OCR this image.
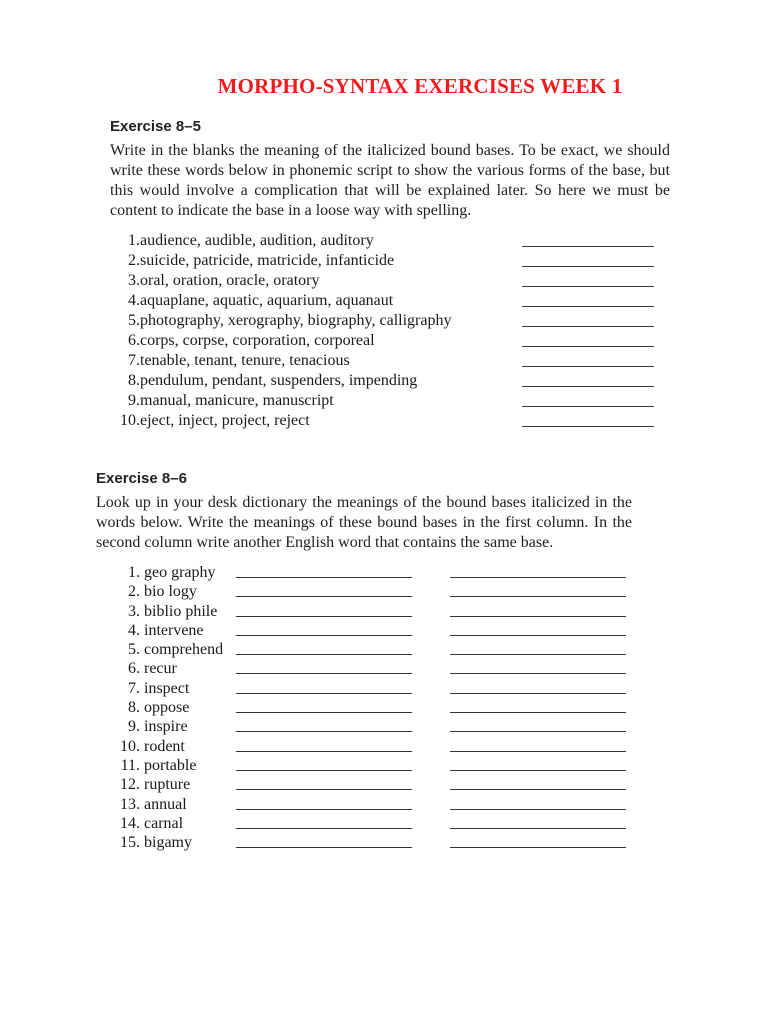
MORPHO-SYNTAX EXERCISES WEEK 1
Exercise 8–5

Write in the blanks the meaning of the italicized bound bases. To be exact, we should write these words below in phonemic script to show the various forms of the base, but this would involve a complication that will be explained later. So here we must be content to indicate the base in a loose way with spelling.

1. audience, audible, audition, auditory
2. suicide, patricide, matricide, infanticide
3. oral, oration, oracle, oratory
4. aquaplane, aquatic, aquarium, aquanaut
5. photography, xerography, biography, calligraphy
6. corps, corpse, corporation, corporeal
7. tenable, tenant, tenure, tenacious
8. pendulum, pendant, suspenders, impending
9. manual, manicure, manuscript
10. eject, inject, project, reject
Exercise 8–6

Look up in your desk dictionary the meanings of the bound bases italicized in the words below. Write the meanings of these bound bases in the first column. In the second column write another English word that contains the same base.

1. geo graphy
2. bio logy
3. biblio phile
4. intervene
5. comprehend
6. recur
7. inspect
8. oppose
9. inspire
10. rodent
11. portable
12. rupture
13. annual
14. carnal
15. bigamy
